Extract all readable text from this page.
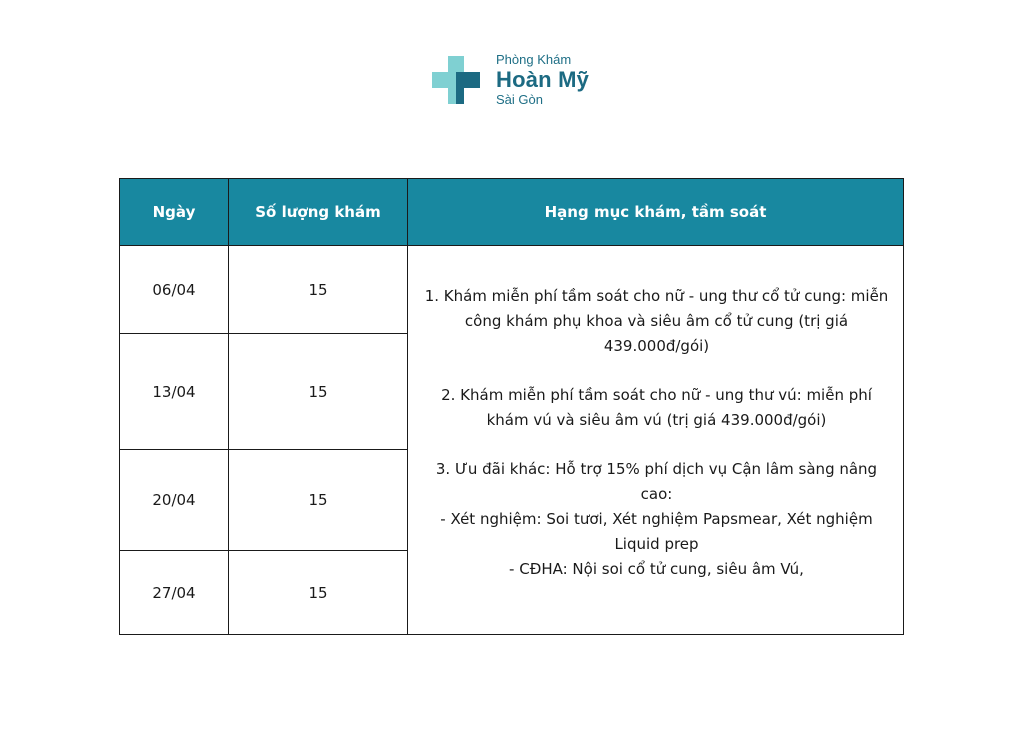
Phòng Khám
Hoàn Mỹ
Sài Gòn
Ngày	Số lượng khám	Hạng mục khám, tầm soát
06/04	15	1. Khám miễn phí tầm soát cho nữ - ung thư cổ tử cung: miễn công khám phụ khoa và siêu âm cổ tử cung (trị giá 439.000đ/gói)

2. Khám miễn phí tầm soát cho nữ - ung thư vú: miễn phí khám vú và siêu âm vú (trị giá 439.000đ/gói)

3. Ưu đãi khác: Hỗ trợ 15% phí dịch vụ Cận lâm sàng nâng cao:
- Xét nghiệm: Soi tươi, Xét nghiệm Papsmear, Xét nghiệm Liquid prep
- CĐHA: Nội soi cổ tử cung, siêu âm Vú,

13/04	15	
20/04	15	
27/04	15	
